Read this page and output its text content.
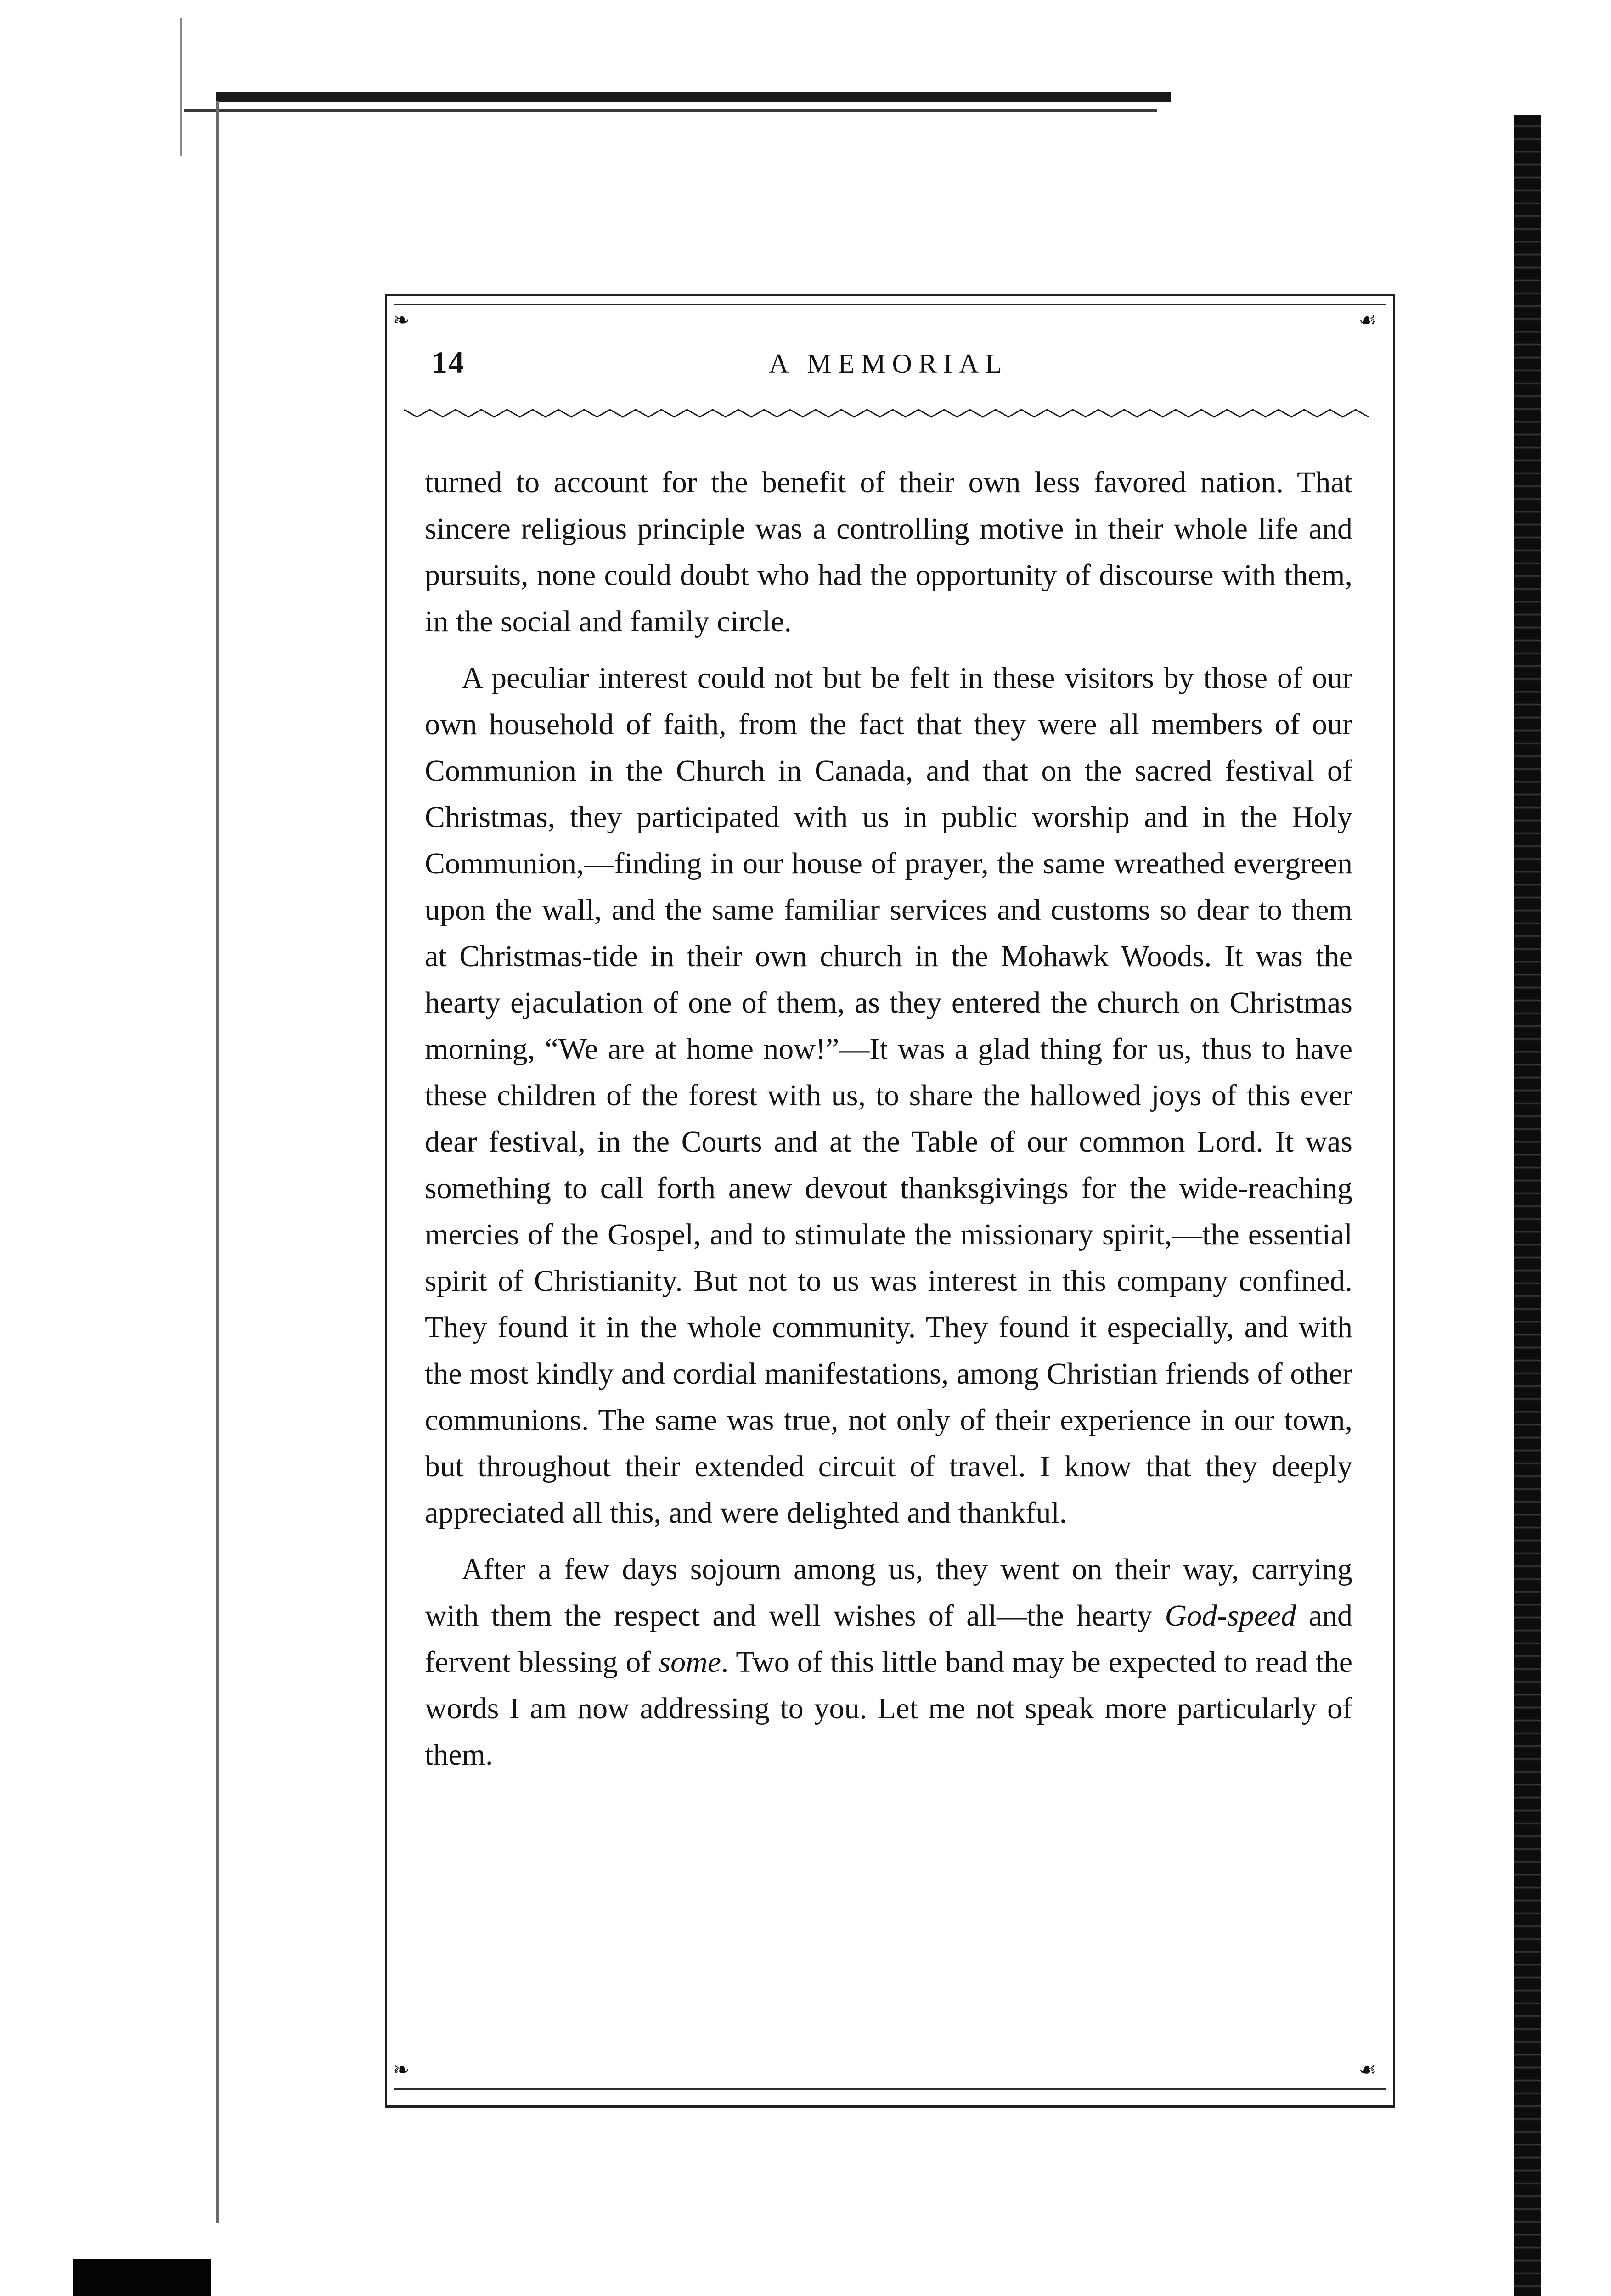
❧	☙
❧	☙
14	A MEMORIAL

turned to account for the benefit of their own less favored nation. That sincere religious principle was a controlling motive in their whole life and pursuits, none could doubt who had the opportunity of discourse with them, in the social and family circle.

A peculiar interest could not but be felt in these visitors by those of our own household of faith, from the fact that they were all members of our Communion in the Church in Canada, and that on the sacred festival of Christmas, they participated with us in public worship and in the Holy Communion,—finding in our house of prayer, the same wreathed evergreen upon the wall, and the same familiar services and customs so dear to them at Christmas-tide in their own church in the Mohawk Woods. It was the hearty ejaculation of one of them, as they entered the church on Christmas morning, “We are at home now!”—It was a glad thing for us, thus to have these children of the forest with us, to share the hallowed joys of this ever dear festival, in the Courts and at the Table of our common Lord. It was something to call forth anew devout thanksgivings for the wide-reaching mercies of the Gospel, and to stimulate the missionary spirit,—the essential spirit of Christianity. But not to us was interest in this company confined. They found it in the whole community. They found it especially, and with the most kindly and cordial manifestations, among Christian friends of other communions. The same was true, not only of their experience in our town, but throughout their extended circuit of travel. I know that they deeply appreciated all this, and were delighted and thankful.

After a few days sojourn among us, they went on their way, carrying with them the respect and well wishes of all—the hearty God-speed and fervent blessing of some. Two of this little band may be expected to read the words I am now addressing to you. Let me not speak more particularly of them.
